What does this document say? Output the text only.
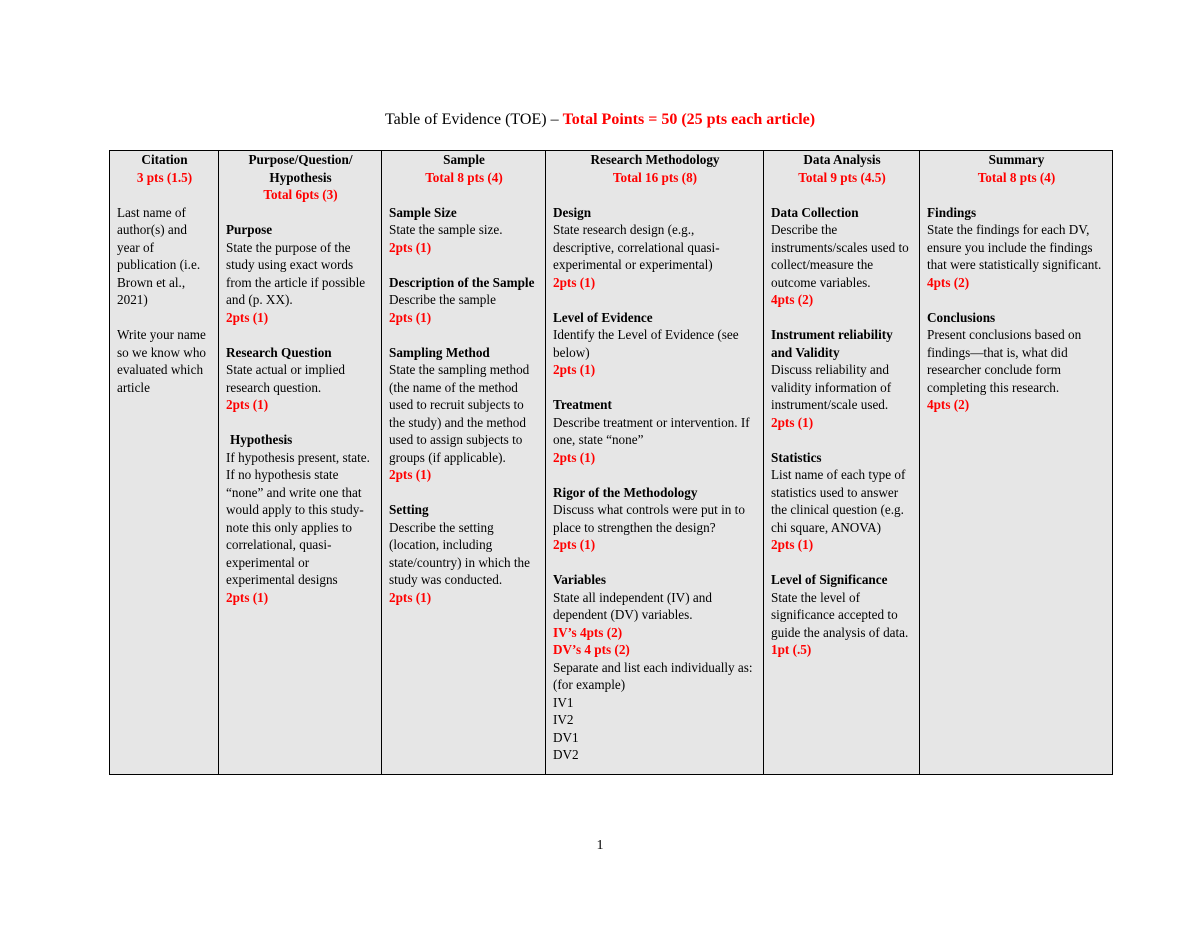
Table of Evidence (TOE) – Total Points = 50 (25 pts each article)
Citation
3 pts (1.5)
Last name of author(s) and year of publication (i.e. Brown et al., 2021)
Write your name so we know who evaluated which article

Purpose/Question/ Hypothesis
Total 6pts (3)
Purpose
State the purpose of the study using exact words from the article if possible and (p. XX).
2pts (1)
Research Question
State actual or implied research question.
2pts (1)
Hypothesis
If hypothesis present, state. If no hypothesis state “none” and write one that would apply to this study- note this only applies to correlational, quasi-experimental or experimental designs
2pts (1)

Sample
Total 8 pts (4)
Sample Size
State the sample size.
2pts (1)
Description of the Sample
Describe the sample
2pts (1)
Sampling Method
State the sampling method (the name of the method used to recruit subjects to the study) and the method used to assign subjects to groups (if applicable).
2pts (1)
Setting
Describe the setting (location, including state/country) in which the study was conducted.
2pts (1)

Research Methodology
Total 16 pts (8)
Design
State research design (e.g., descriptive, correlational quasi-experimental or experimental)
2pts (1)
Level of Evidence
Identify the Level of Evidence (see below)
2pts (1)
Treatment
Describe treatment or intervention. If one, state “none”
2pts (1)
Rigor of the Methodology
Discuss what controls were put in to place to strengthen the design?
2pts (1)
Variables
State all independent (IV) and dependent (DV) variables.
IV’s 4pts (2)
DV’s 4 pts (2)
Separate and list each individually as: (for example)
IV1
IV2
DV1
DV2

Data Analysis
Total 9 pts (4.5)
Data Collection
Describe the instruments/scales used to collect/measure the outcome variables.
4pts (2)
Instrument reliability and Validity
Discuss reliability and validity information of instrument/scale used.
2pts (1)
Statistics
List name of each type of statistics used to answer the clinical question (e.g. chi square, ANOVA)
2pts (1)
Level of Significance
State the level of significance accepted to guide the analysis of data.
1pt (.5)

Summary
Total 8 pts (4)
Findings
State the findings for each DV, ensure you include the findings that were statistically significant.
4pts (2)
Conclusions
Present conclusions based on findings—that is, what did researcher conclude form completing this research.
4pts (2)
1
